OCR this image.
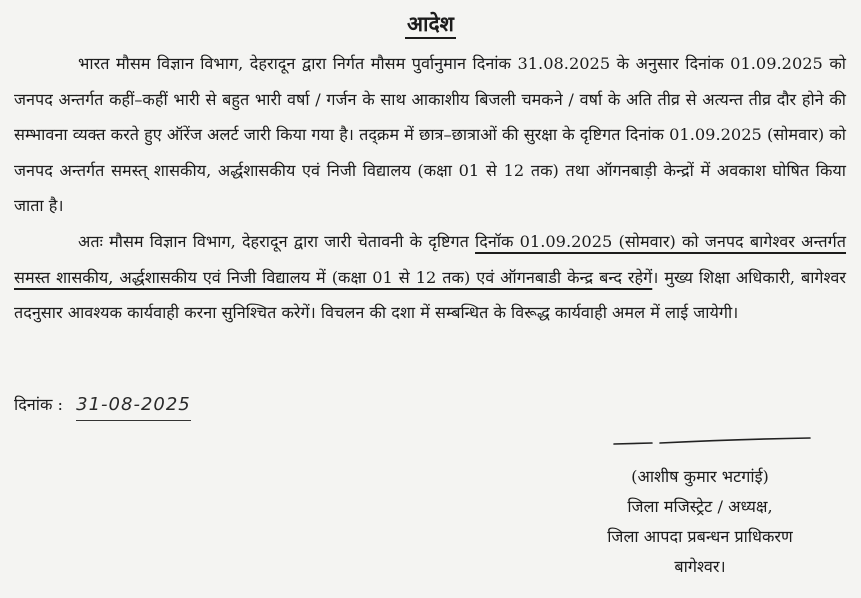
आदेश

भारत मौसम विज्ञान विभाग, देहरादून द्वारा निर्गत मौसम पुर्वानुमान दिनांक 31.08.2025 के अनुसार दिनांक 01.09.2025 को जनपद अन्तर्गत कहीं–कहीं भारी से बहुत भारी वर्षा / गर्जन के साथ आकाशीय बिजली चमकने / वर्षा के अति तीव्र से अत्यन्त तीव्र दौर होने की सम्भावना व्यक्त करते हुए ऑरेंज अलर्ट जारी किया गया है। तद्क्रम में छात्र–छात्राओं की सुरक्षा के दृष्टिगत दिनांक 01.09.2025 (सोमवार) को जनपद अन्तर्गत समस्त् शासकीय, अर्द्धशासकीय एवं निजी विद्यालय (कक्षा 01 से 12 तक) तथा ऑगनबाड़ी केन्द्रों में अवकाश घोषित किया जाता है।

अतः मौसम विज्ञान विभाग, देहरादून द्वारा जारी चेतावनी के दृष्टिगत दिनॉक 01.09.2025 (सोमवार) को जनपद बागेश्वर अन्तर्गत समस्त शासकीय, अर्द्धशासकीय एवं निजी विद्यालय में (कक्षा 01 से 12 तक) एवं ऑगनबाडी केन्द्र बन्द रहेगें। मुख्य शिक्षा अधिकारी, बागेश्वर तदनुसार आवश्यक कार्यवाही करना सुनिश्चित करेगें। विचलन की दशा में सम्बन्धित के विरूद्ध कार्यवाही अमल में लाई जायेगी।

दिनांक : 31-08-2025
(आशीष कुमार भटगांई)
जिला मजिस्ट्रेट / अध्यक्ष,
जिला आपदा प्रबन्धन प्राधिकरण
बागेश्वर।
